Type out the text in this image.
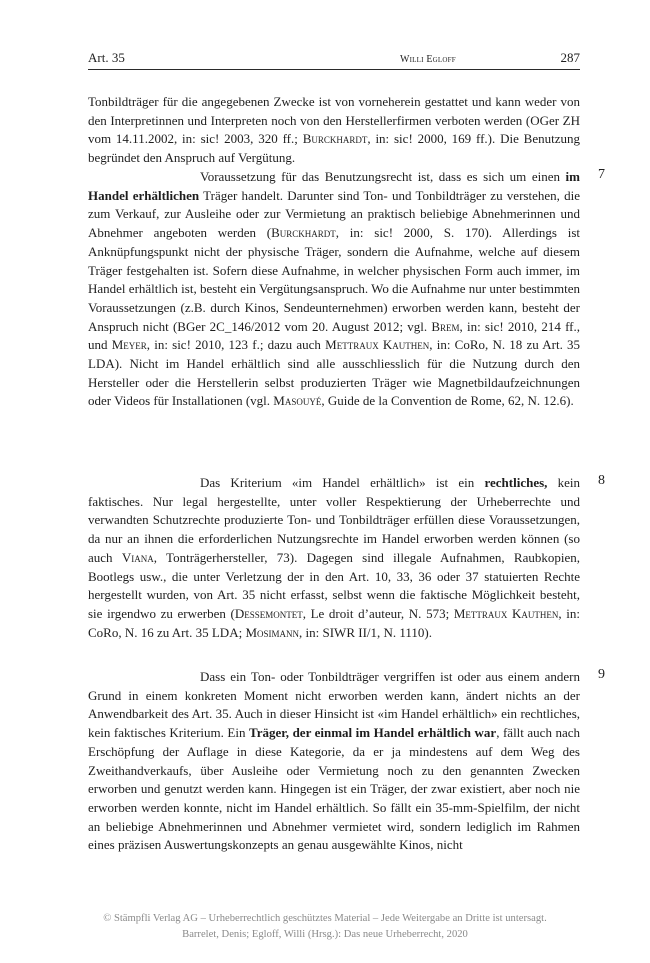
Art. 35	Willi Egloff	287

Tonbildträger für die angegebenen Zwecke ist von vorneherein gestattet und kann weder von den Interpretinnen und Interpreten noch von den Herstellerfirmen verboten werden (OGer ZH vom 14.11.2002, in: sic! 2003, 320 ff.; Burckhardt, in: sic! 2000, 169 ff.). Die Benutzung begründet den Anspruch auf Vergütung.

7

Voraussetzung für das Benutzungsrecht ist, dass es sich um einen im Handel erhältlichen Träger handelt. Darunter sind Ton- und Tonbildträger zu verstehen, die zum Verkauf, zur Ausleihe oder zur Vermietung an praktisch beliebige Abnehmerinnen und Abnehmer angeboten werden (Burckhardt, in: sic! 2000, S. 170). Allerdings ist Anknüpfungspunkt nicht der physische Träger, sondern die Aufnahme, welche auf diesem Träger festgehalten ist. Sofern diese Aufnahme, in welcher physischen Form auch immer, im Handel erhältlich ist, besteht ein Vergütungsanspruch. Wo die Aufnahme nur unter bestimmten Voraussetzungen (z.B. durch Kinos, Sendeunternehmen) erworben werden kann, besteht der Anspruch nicht (BGer 2C_146/2012 vom 20. August 2012; vgl. Brem, in: sic! 2010, 214 ff., und Meyer, in: sic! 2010, 123 f.; dazu auch Mettraux Kauthen, in: CoRo, N. 18 zu Art. 35 LDA). Nicht im Handel erhältlich sind alle ausschliesslich für die Nutzung durch den Hersteller oder die Herstellerin selbst produzierten Träger wie Magnetbildaufzeichnungen oder Videos für Installationen (vgl. Masouyé, Guide de la Convention de Rome, 62, N. 12.6).

8

Das Kriterium «im Handel erhältlich» ist ein rechtliches, kein faktisches. Nur legal hergestellte, unter voller Respektierung der Urheberrechte und verwandten Schutzrechte produzierte Ton- und Tonbildträger erfüllen diese Voraussetzungen, da nur an ihnen die erforderlichen Nutzungsrechte im Handel erworben werden können (so auch Viana, Tonträgerhersteller, 73). Dagegen sind illegale Aufnahmen, Raubkopien, Bootlegs usw., die unter Verletzung der in den Art. 10, 33, 36 oder 37 statuierten Rechte hergestellt wurden, von Art. 35 nicht erfasst, selbst wenn die faktische Möglichkeit besteht, sie irgendwo zu erwerben (Dessemontet, Le droit d’auteur, N. 573; Mettraux Kauthen, in: CoRo, N. 16 zu Art. 35 LDA; Mosimann, in: SIWR II/1, N. 1110).

9

Dass ein Ton- oder Tonbildträger vergriffen ist oder aus einem andern Grund in einem konkreten Moment nicht erworben werden kann, ändert nichts an der Anwendbarkeit des Art. 35. Auch in dieser Hinsicht ist «im Handel erhältlich» ein rechtliches, kein faktisches Kriterium. Ein Träger, der einmal im Handel erhältlich war, fällt auch nach Erschöpfung der Auflage in diese Kategorie, da er ja mindestens auf dem Weg des Zweithandverkaufs, über Ausleihe oder Vermietung noch zu den genannten Zwecken erworben und genutzt werden kann. Hingegen ist ein Träger, der zwar existiert, aber noch nie erworben werden konnte, nicht im Handel erhältlich. So fällt ein 35-mm-Spielfilm, der nicht an beliebige Abnehmerinnen und Abnehmer vermietet wird, sondern lediglich im Rahmen eines präzisen Auswertungskonzepts an genau ausgewählte Kinos, nicht

© Stämpfli Verlag AG – Urheberrechtlich geschütztes Material – Jede Weitergabe an Dritte ist untersagt.
Barrelet, Denis; Egloff, Willi (Hrsg.): Das neue Urheberrecht, 2020
